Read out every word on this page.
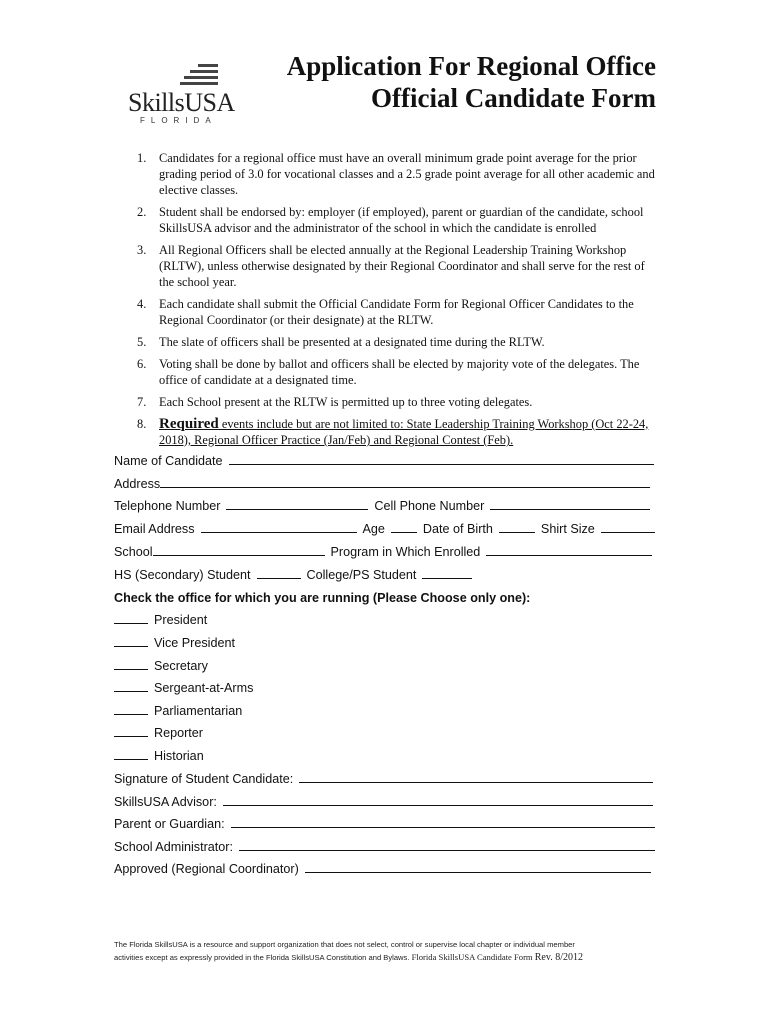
SkillsUSA
FLORIDA
Application For Regional Office
Official Candidate Form
1. Candidates for a regional office must have an overall minimum grade point average for the prior grading period of 3.0 for vocational classes and a 2.5 grade point average for all other academic and elective classes.
2. Student shall be endorsed by: employer (if employed), parent or guardian of the candidate, school SkillsUSA advisor and the administrator of the school in which the candidate is enrolled
3. All Regional Officers shall be elected annually at the Regional Leadership Training Workshop (RLTW), unless otherwise designated by their Regional Coordinator and shall serve for the rest of the school year.
4. Each candidate shall submit the Official Candidate Form for Regional Officer Candidates to the Regional Coordinator (or their designate) at the RLTW.
5. The slate of officers shall be presented at a designated time during the RLTW.
6. Voting shall be done by ballot and officers shall be elected by majority vote of the delegates. The office of candidate at a designated time.
7. Each School present at the RLTW is permitted up to three voting delegates.
8. Required events include but are not limited to: State Leadership Training Workshop (Oct 22-24, 2018), Regional Officer Practice (Jan/Feb) and Regional Contest (Feb).
Name of Candidate
Address
Telephone Number	Cell Phone Number
Email Address	Age	Date of Birth	Shirt Size
School	Program in Which Enrolled
HS (Secondary) Student	College/PS Student
Check the office for which you are running (Please Choose only one):
President
Vice President
Secretary
Sergeant-at-Arms
Parliamentarian
Reporter
Historian
Signature of Student Candidate:
SkillsUSA Advisor:
Parent or Guardian:
School Administrator:
Approved (Regional Coordinator)
The Florida SkillsUSA is a resource and support organization that does not select, control or supervise local chapter or individual member
activities except as expressly provided in the Florida SkillsUSA Constitution and Bylaws. Florida SkillsUSA Candidate Form Rev. 8/2012
